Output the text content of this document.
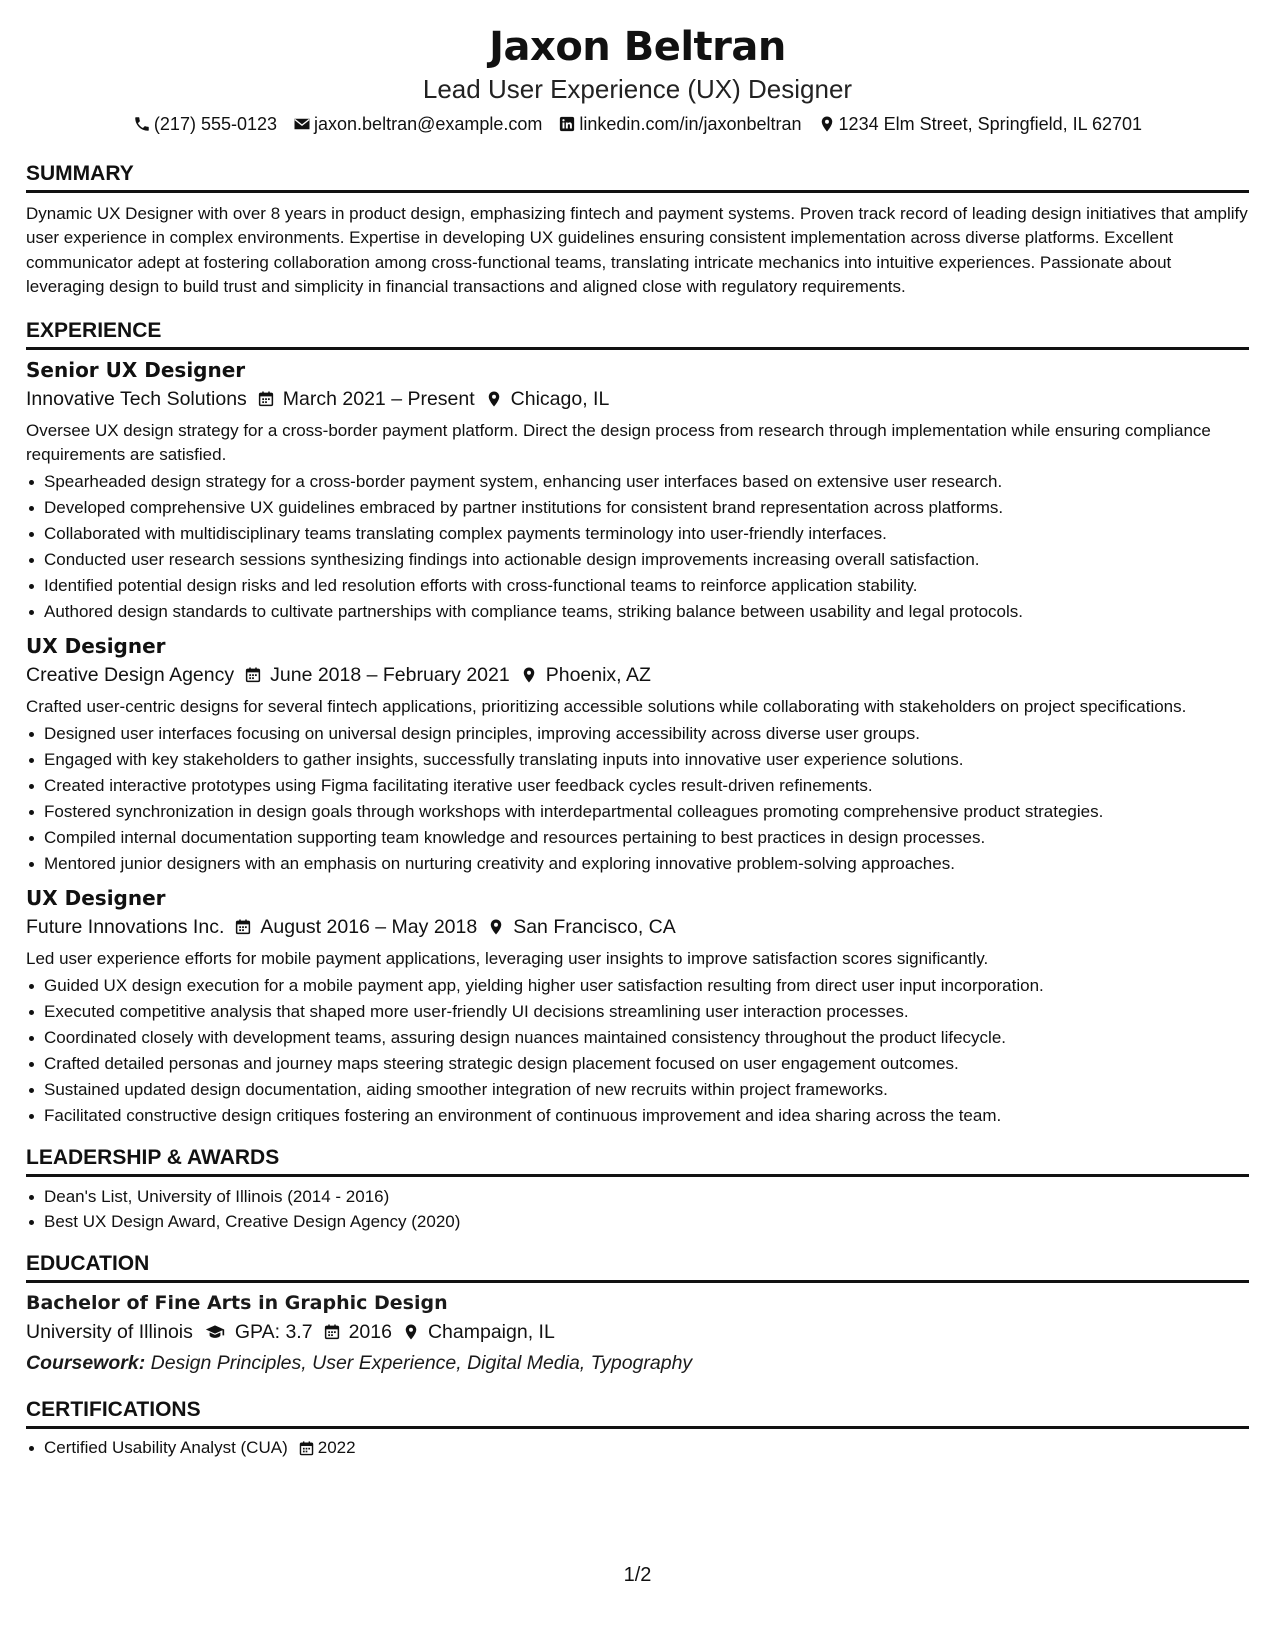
Jaxon Beltran
Lead User Experience (UX) Designer
(217) 555-0123 jaxon.beltran@example.com linkedin.com/in/jaxonbeltran 1234 Elm Street, Springfield, IL 62701
SUMMARY

Dynamic UX Designer with over 8 years in product design, emphasizing fintech and payment systems. Proven track record of leading design initiatives that amplify user experience in complex environments. Expertise in developing UX guidelines ensuring consistent implementation across diverse platforms. Excellent communicator adept at fostering collaboration among cross-functional teams, translating intricate mechanics into intuitive experiences. Passionate about leveraging design to build trust and simplicity in financial transactions and aligned close with regulatory requirements.

EXPERIENCE
Senior UX Designer
Innovative Tech Solutions March 2021 – Present Chicago, IL

Oversee UX design strategy for a cross-border payment platform. Direct the design process from research through implementation while ensuring compliance requirements are satisfied.

Spearheaded design strategy for a cross-border payment system, enhancing user interfaces based on extensive user research.
Developed comprehensive UX guidelines embraced by partner institutions for consistent brand representation across platforms.
Collaborated with multidisciplinary teams translating complex payments terminology into user-friendly interfaces.
Conducted user research sessions synthesizing findings into actionable design improvements increasing overall satisfaction.
Identified potential design risks and led resolution efforts with cross-functional teams to reinforce application stability.
Authored design standards to cultivate partnerships with compliance teams, striking balance between usability and legal protocols.
UX Designer
Creative Design Agency June 2018 – February 2021 Phoenix, AZ

Crafted user-centric designs for several fintech applications, prioritizing accessible solutions while collaborating with stakeholders on project specifications.

Designed user interfaces focusing on universal design principles, improving accessibility across diverse user groups.
Engaged with key stakeholders to gather insights, successfully translating inputs into innovative user experience solutions.
Created interactive prototypes using Figma facilitating iterative user feedback cycles result-driven refinements.
Fostered synchronization in design goals through workshops with interdepartmental colleagues promoting comprehensive product strategies.
Compiled internal documentation supporting team knowledge and resources pertaining to best practices in design processes.
Mentored junior designers with an emphasis on nurturing creativity and exploring innovative problem-solving approaches.
UX Designer
Future Innovations Inc. August 2016 – May 2018 San Francisco, CA

Led user experience efforts for mobile payment applications, leveraging user insights to improve satisfaction scores significantly.

Guided UX design execution for a mobile payment app, yielding higher user satisfaction resulting from direct user input incorporation.
Executed competitive analysis that shaped more user-friendly UI decisions streamlining user interaction processes.
Coordinated closely with development teams, assuring design nuances maintained consistency throughout the product lifecycle.
Crafted detailed personas and journey maps steering strategic design placement focused on user engagement outcomes.
Sustained updated design documentation, aiding smoother integration of new recruits within project frameworks.
Facilitated constructive design critiques fostering an environment of continuous improvement and idea sharing across the team.
LEADERSHIP & AWARDS
Dean's List, University of Illinois (2014 - 2016)
Best UX Design Award, Creative Design Agency (2020)
EDUCATION
Bachelor of Fine Arts in Graphic Design
University of Illinois GPA: 3.7 2016 Champaign, IL
Coursework: Design Principles, User Experience, Digital Media, Typography
CERTIFICATIONS
Certified Usability Analyst (CUA) 2022
1/2
